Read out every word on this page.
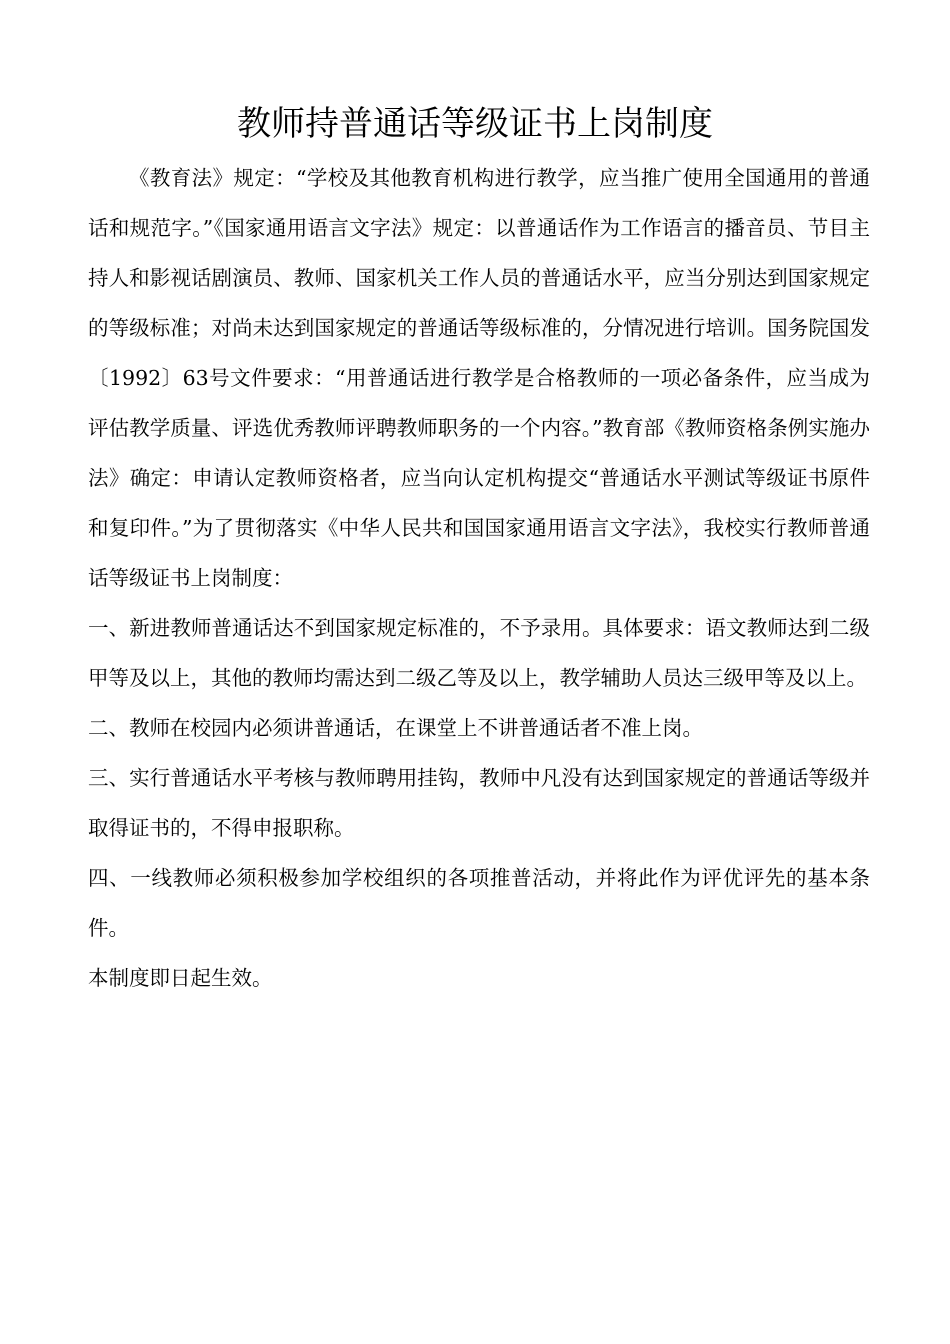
教师持普通话等级证书上岗制度

《教育法》规定：“学校及其他教育机构进行教学，应当推广使用全国通用的普通话和规范字。”《国家通用语言文字法》规定：以普通话作为工作语言的播音员、节目主持人和影视话剧演员、教师、国家机关工作人员的普通话水平，应当分别达到国家规定的等级标准；对尚未达到国家规定的普通话等级标准的，分情况进行培训。国务院国发〔1992〕63号文件要求：“用普通话进行教学是合格教师的一项必备条件，应当成为评估教学质量、评选优秀教师评聘教师职务的一个内容。”教育部《教师资格条例实施办法》确定：申请认定教师资格者，应当向认定机构提交“普通话水平测试等级证书原件和复印件。”为了贯彻落实《中华人民共和国国家通用语言文字法》，我校实行教师普通话等级证书上岗制度：

一、新进教师普通话达不到国家规定标准的，不予录用。具体要求：语文教师达到二级甲等及以上，其他的教师均需达到二级乙等及以上，教学辅助人员达三级甲等及以上。

二、教师在校园内必须讲普通话，在课堂上不讲普通话者不准上岗。

三、实行普通话水平考核与教师聘用挂钩，教师中凡没有达到国家规定的普通话等级并取得证书的，不得申报职称。

四、一线教师必须积极参加学校组织的各项推普活动，并将此作为评优评先的基本条件。

本制度即日起生效。
